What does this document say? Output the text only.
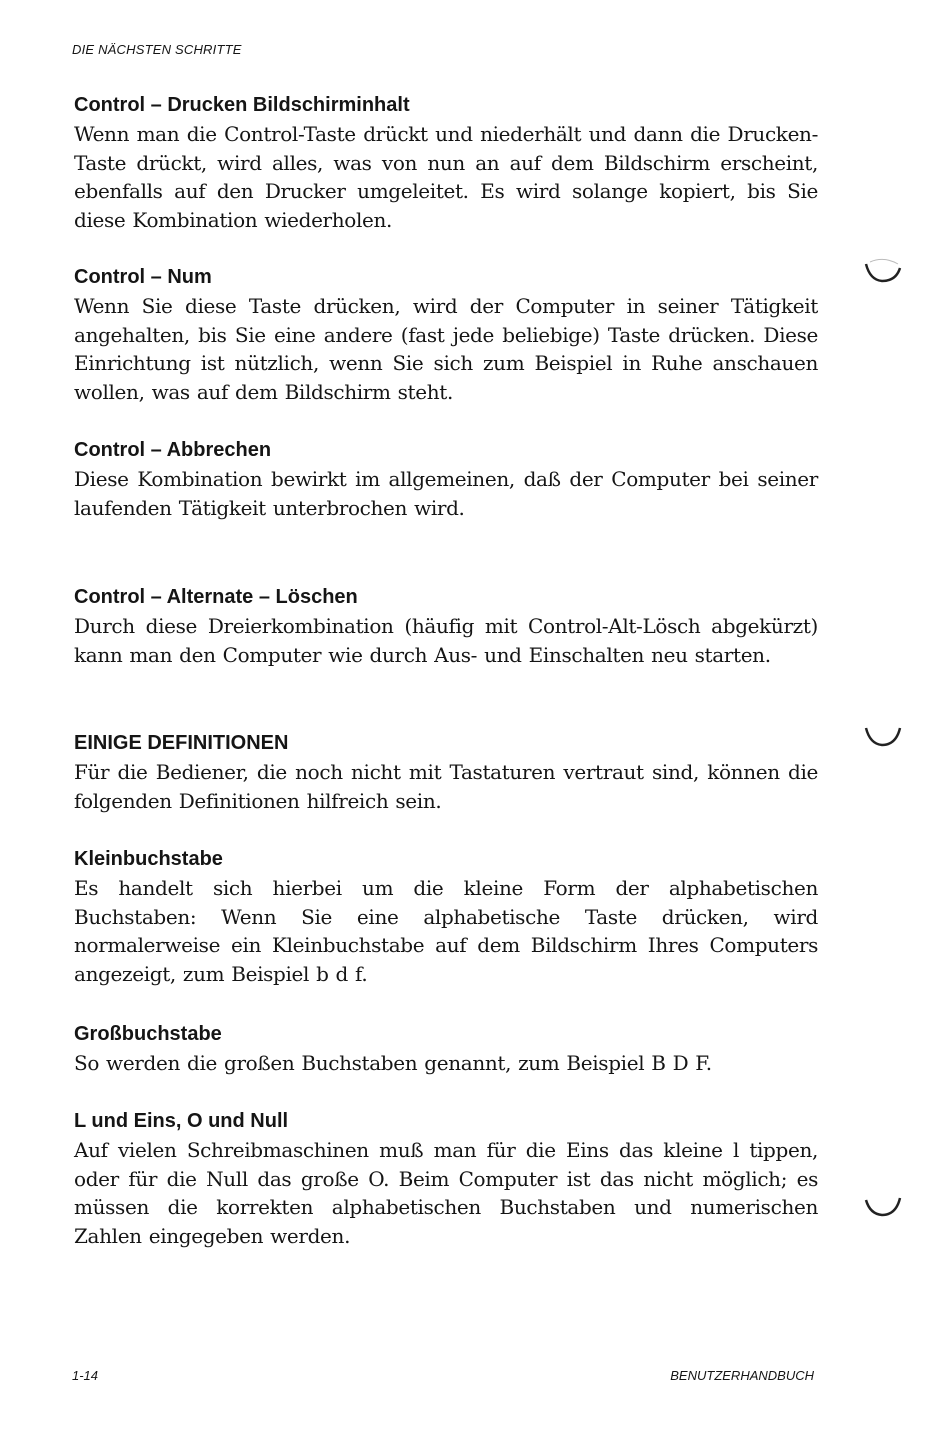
DIE NÄCHSTEN SCHRITTE
Control – Drucken Bildschirminhalt

Wenn man die Control-Taste drückt und niederhält und dann die Drucken-Taste drückt, wird alles, was von nun an auf dem Bildschirm erscheint, ebenfalls auf den Drucker umgeleitet. Es wird solange kopiert, bis Sie diese Kombination wiederholen.

Control – Num

Wenn Sie diese Taste drücken, wird der Computer in seiner Tätigkeit angehalten, bis Sie eine andere (fast jede beliebige) Taste drücken. Diese Einrichtung ist nützlich, wenn Sie sich zum Beispiel in Ruhe anschauen wollen, was auf dem Bildschirm steht.

Control – Abbrechen

Diese Kombination bewirkt im allgemeinen, daß der Computer bei seiner laufenden Tätigkeit unterbrochen wird.

Control – Alternate – Löschen

Durch diese Dreierkombination (häufig mit Control-Alt-Lösch abgekürzt) kann man den Computer wie durch Aus- und Einschalten neu starten.

EINIGE DEFINITIONEN

Für die Bediener, die noch nicht mit Tastaturen vertraut sind, können die folgenden Definitionen hilfreich sein.

Kleinbuchstabe

Es handelt sich hierbei um die kleine Form der alphabetischen Buchstaben: Wenn Sie eine alphabetische Taste drücken, wird normalerweise ein Kleinbuchstabe auf dem Bildschirm Ihres Computers angezeigt, zum Beispiel b d f.

Großbuchstabe

So werden die großen Buchstaben genannt, zum Beispiel B D F.

L und Eins, O und Null

Auf vielen Schreibmaschinen muß man für die Eins das kleine l tippen, oder für die Null das große O. Beim Computer ist das nicht möglich; es müssen die korrekten alphabetischen Buchstaben und numerischen Zahlen eingegeben werden.

1-14	BENUTZERHANDBUCH
